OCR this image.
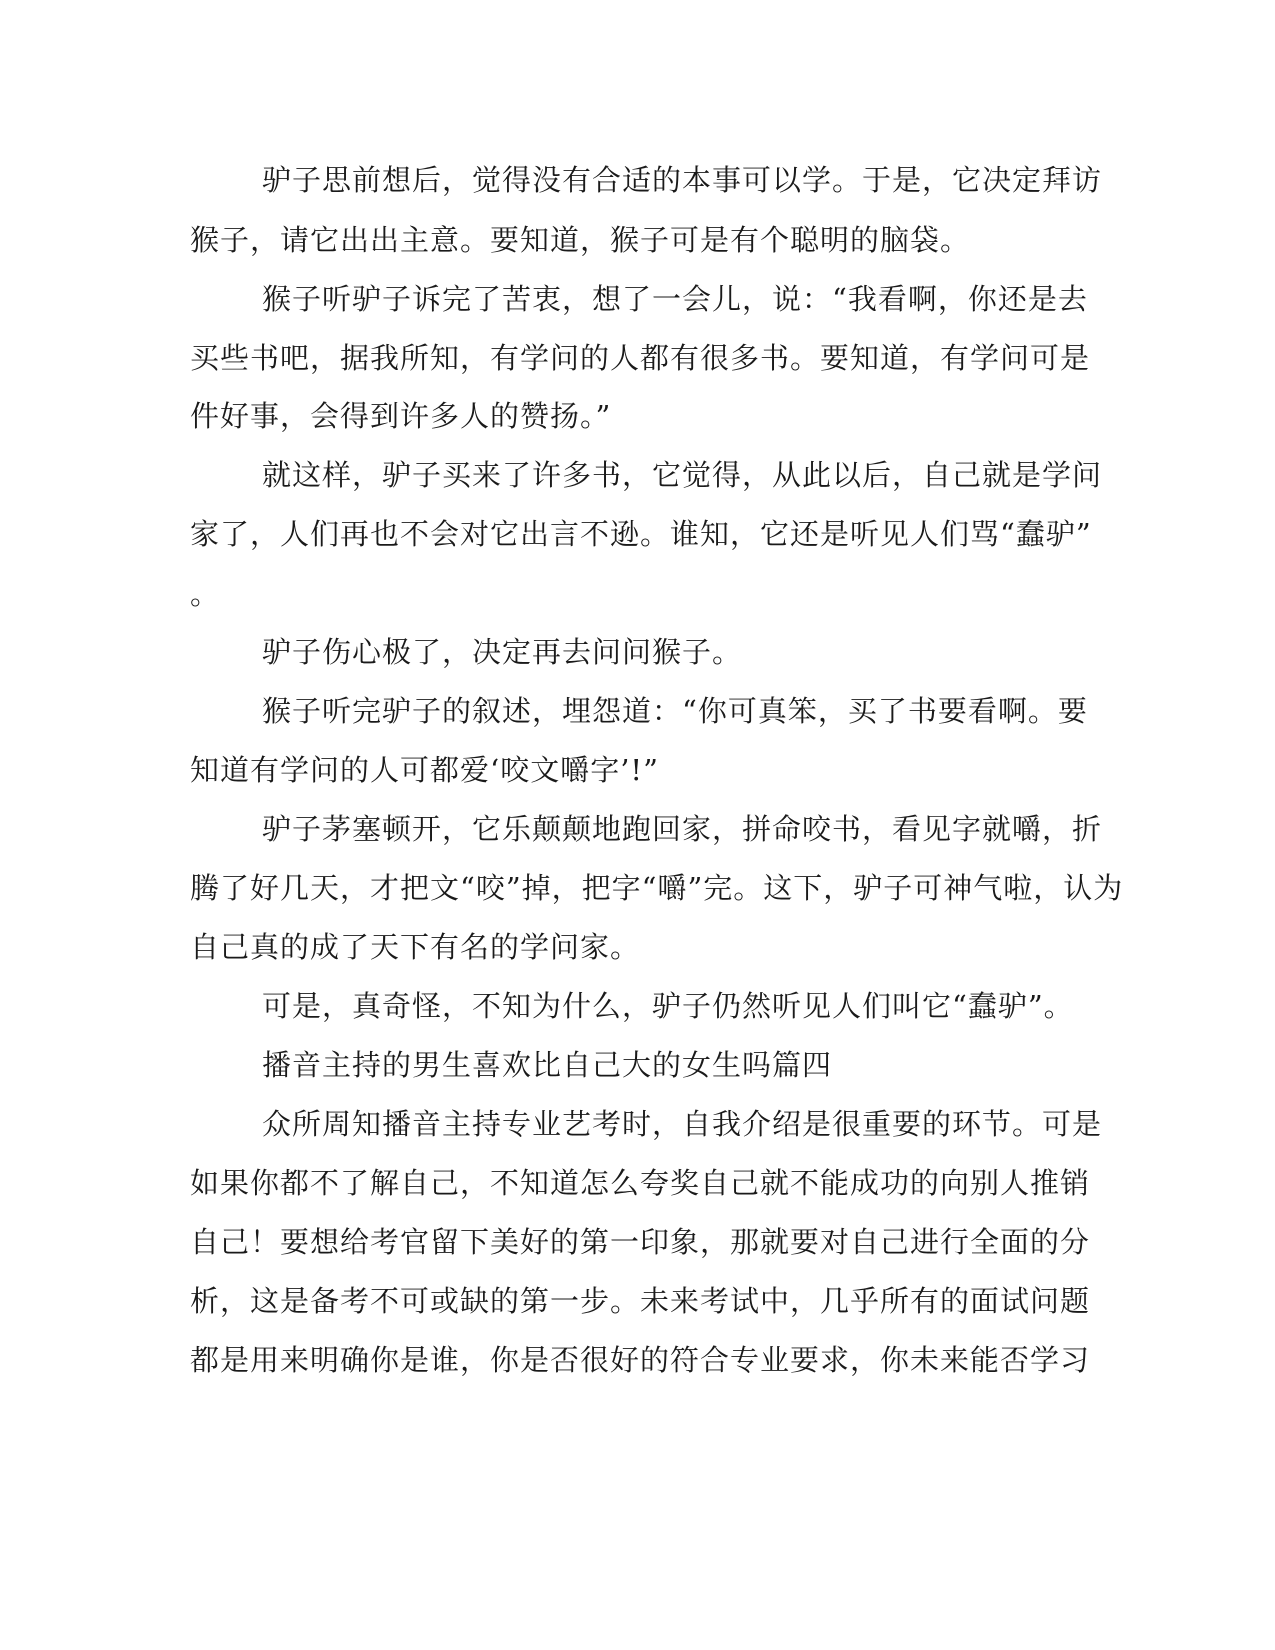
驴子思前想后，觉得没有合适的本事可以学。于是，它决定拜访
猴子，请它出出主意。要知道，猴子可是有个聪明的脑袋。
猴子听驴子诉完了苦衷，想了一会儿，说：“我看啊，你还是去
买些书吧，据我所知，有学问的人都有很多书。要知道，有学问可是
件好事，会得到许多人的赞扬。”
就这样，驴子买来了许多书，它觉得，从此以后，自己就是学问
家了，人们再也不会对它出言不逊。谁知，它还是听见人们骂“蠢驴”
。
驴子伤心极了，决定再去问问猴子。
猴子听完驴子的叙述，埋怨道：“你可真笨，买了书要看啊。要
知道有学问的人可都爱‘咬文嚼字’!”
驴子茅塞顿开，它乐颠颠地跑回家，拼命咬书，看见字就嚼，折
腾了好几天，才把文“咬”掉，把字“嚼”完。这下，驴子可神气啦，认为
自己真的成了天下有名的学问家。
可是，真奇怪，不知为什么，驴子仍然听见人们叫它“蠢驴”。
播音主持的男生喜欢比自己大的女生吗篇四
众所周知播音主持专业艺考时，自我介绍是很重要的环节。可是
如果你都不了解自己，不知道怎么夸奖自己就不能成功的向别人推销
自己！要想给考官留下美好的第一印象，那就要对自己进行全面的分
析，这是备考不可或缺的第一步。未来考试中，几乎所有的面试问题
都是用来明确你是谁，你是否很好的符合专业要求，你未来能否学习
